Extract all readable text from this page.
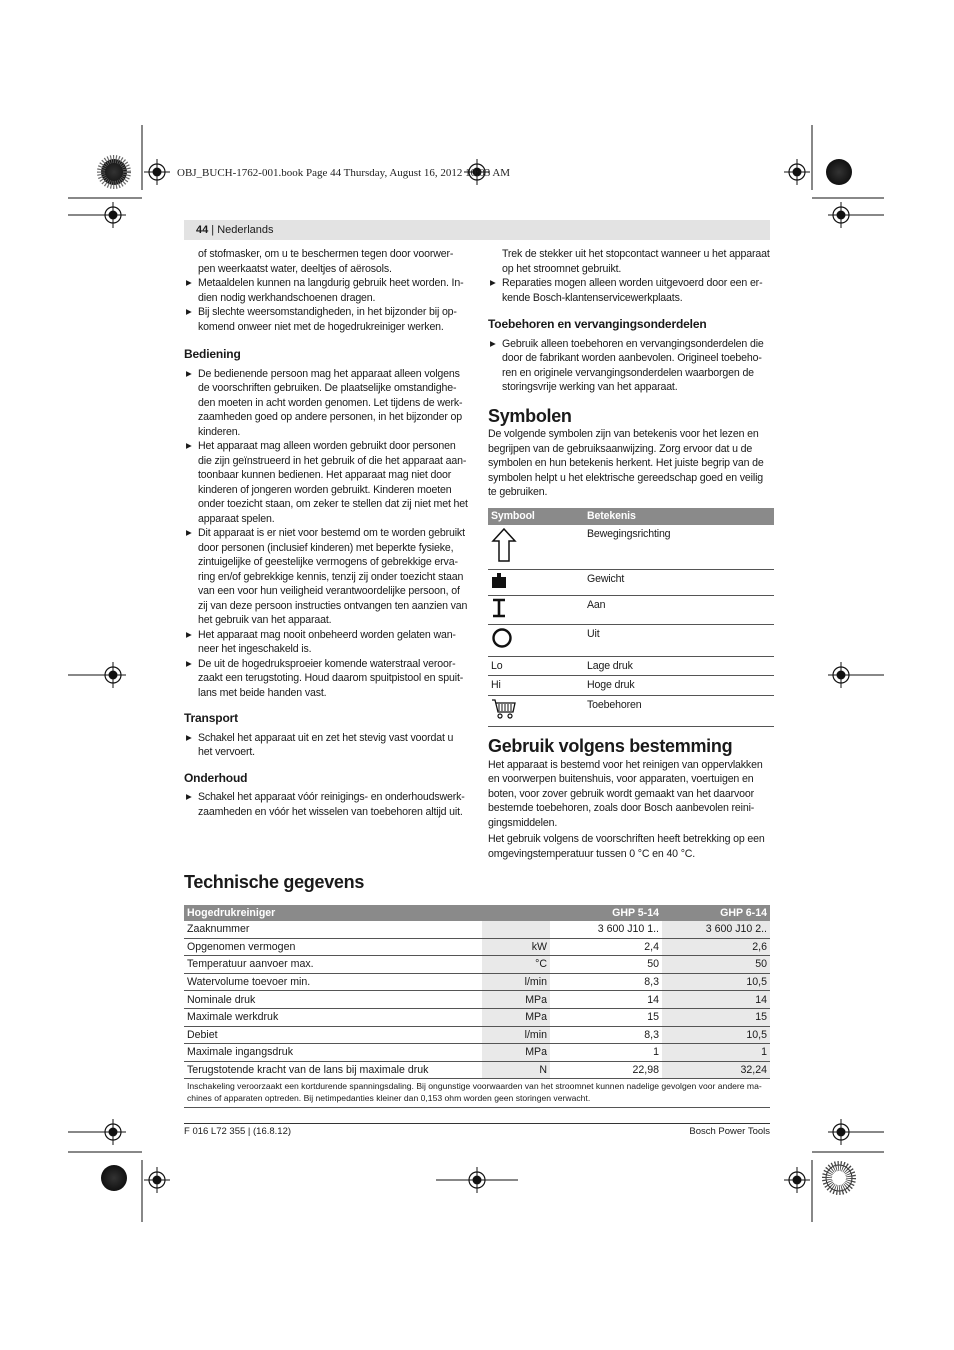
OBJ_BUCH-1762-001.book Page 44 Thursday, August 16, 2012 10:03 AM
44 | Nederlands

of stofmasker, om u te beschermen tegen door voorwer-pen weerkaatst water, deeltjes of aërosols.

▶ Metaaldelen kunnen na langdurig gebruik heet worden. In-dien nodig werkhandschoenen dragen.

▶ Bij slechte weersomstandigheden, in het bijzonder bij op-komend onweer niet met de hogedrukreiniger werken.

Bediening

▶ De bedienende persoon mag het apparaat alleen volgens de voorschriften gebruiken. De plaatselijke omstandighe-den moeten in acht worden genomen. Let tijdens de werk-zaamheden goed op andere personen, in het bijzonder op kinderen.

▶ Het apparaat mag alleen worden gebruikt door personen die zijn geïnstrueerd in het gebruik of die het apparaat aan-toonbaar kunnen bedienen. Het apparaat mag niet door kinderen of jongeren worden gebruikt. Kinderen moeten onder toezicht staan, om zeker te stellen dat zij niet met het apparaat spelen.

▶ Dit apparaat is er niet voor bestemd om te worden gebruikt door personen (inclusief kinderen) met beperkte fysieke, zintuigelijke of geestelijke vermogens of gebrekkige erva-ring en/of gebrekkige kennis, tenzij zij onder toezicht staan van een voor hun veiligheid verantwoordelijke persoon, of zij van deze persoon instructies ontvangen ten aanzien van het gebruik van het apparaat.

▶ Het apparaat mag nooit onbeheerd worden gelaten wan-neer het ingeschakeld is.

▶ De uit de hogedruksproeier komende waterstraal veroor-zaakt een terugstoting. Houd daarom spuitpistool en spuit-lans met beide handen vast.

Transport

▶ Schakel het apparaat uit en zet het stevig vast voordat u het vervoert.

Onderhoud

▶ Schakel het apparaat vóór reinigings- en onderhoudswerk-zaamheden en vóór het wisselen van toebehoren altijd uit.

Trek de stekker uit het stopcontact wanneer u het apparaat op het stroomnet gebruikt.

▶ Reparaties mogen alleen worden uitgevoerd door een er-kende Bosch-klantenservicewerkplaats.

Toebehoren en vervangingsonderdelen

▶ Gebruik alleen toebehoren en vervangingsonderdelen die door de fabrikant worden aanbevolen. Origineel toebeho-ren en originele vervangingsonderdelen waarborgen de storingsvrije werking van het apparaat.

Symbolen

De volgende symbolen zijn van betekenis voor het lezen en begrijpen van de gebruiksaanwijzing. Zorg ervoor dat u de symbolen en hun betekenis herkent. Het juiste begrip van de symbolen helpt u het elektrische gereedschap goed en veilig te gebruiken.

Symbool	Betekenis
	Bewegingsrichting
	Gewicht
	Aan
	Uit
Lo	Lage druk
Hi	Hoge druk
	Toebehoren
Gebruik volgens bestemming

Het apparaat is bestemd voor het reinigen van oppervlakken en voorwerpen buitenshuis, voor apparaten, voertuigen en boten, voor zover gebruik wordt gemaakt van het daarvoor bestemde toebehoren, zoals door Bosch aanbevolen reini-gingsmiddelen.

Het gebruik volgens de voorschriften heeft betrekking op een omgevingstemperatuur tussen 0 °C en 40 °C.

Technische gegevens
Hogedrukreiniger		GHP 5-14	GHP 6-14
Zaaknummer		3 600 J10 1..	3 600 J10 2..
Opgenomen vermogen	kW	2,4	2,6
Temperatuur aanvoer max.	°C	50	50
Watervolume toevoer min.	l/min	8,3	10,5
Nominale druk	MPa	14	14
Maximale werkdruk	MPa	15	15
Debiet	l/min	8,3	10,5
Maximale ingangsdruk	MPa	1	1
Terugstotende kracht van de lans bij maximale druk	N	22,98	32,24
Inschakeling veroorzaakt een kortdurende spanningsdaling. Bij ongunstige voorwaarden van het stroomnet kunnen nadelige gevolgen voor andere ma-chines of apparaten optreden. Bij netimpedanties kleiner dan 0,153 ohm worden geen storingen verwacht.
F 016 L72 355 | (16.8.12)	Bosch Power Tools
